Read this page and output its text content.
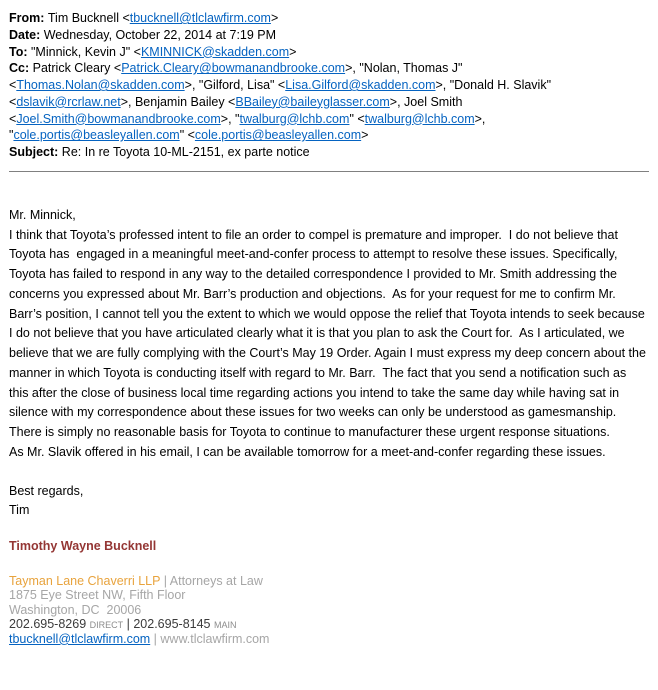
From: Tim Bucknell <tbucknell@tlclawfirm.com>

Date: Wednesday, October 22, 2014 at 7:19 PM

To: "Minnick, Kevin J" <KMINNICK@skadden.com>

Cc: Patrick Cleary <Patrick.Cleary@bowmanandbrooke.com>, "Nolan, Thomas J" <Thomas.Nolan@skadden.com>, "Gilford, Lisa" <Lisa.Gilford@skadden.com>, "Donald H. Slavik" <dslavik@rcrlaw.net>, Benjamin Bailey <BBailey@baileyglasser.com>, Joel Smith <Joel.Smith@bowmanandbrooke.com>, "twalburg@lchb.com" <twalburg@lchb.com>, "cole.portis@beasleyallen.com" <cole.portis@beasleyallen.com>

Subject: Re: In re Toyota 10-ML-2151, ex parte notice

Mr. Minnick,

I think that Toyota’s professed intent to file an order to compel is premature and improper.  I do not believe that Toyota has  engaged in a meaningful meet-and-confer process to attempt to resolve these issues. Specifically, Toyota has failed to respond in any way to the detailed correspondence I provided to Mr. Smith addressing the concerns you expressed about Mr. Barr’s production and objections.  As for your request for me to confirm Mr. Barr’s position, I cannot tell you the extent to which we would oppose the relief that Toyota intends to seek because I do not believe that you have articulated clearly what it is that you plan to ask the Court for.  As I articulated, we believe that we are fully complying with the Court’s May 19 Order. Again I must express my deep concern about the manner in which Toyota is conducting itself with regard to Mr. Barr.  The fact that you send a notification such as this after the close of business local time regarding actions you intend to take the same day while having sat in silence with my correspondence about these issues for two weeks can only be understood as gamesmanship.  There is simply no reasonable basis for Toyota to continue to manufacturer these urgent response situations.

As Mr. Slavik offered in his email, I can be available tomorrow for a meet-and-confer regarding these issues.

Best regards,

Tim

Timothy Wayne Bucknell

Tayman Lane Chaverri LLP | Attorneys at Law

1875 Eye Street NW, Fifth Floor

Washington, DC  20006

202.695-8269 direct | 202.695-8145 main

tbucknell@tlclawfirm.com | www.tlclawfirm.com
